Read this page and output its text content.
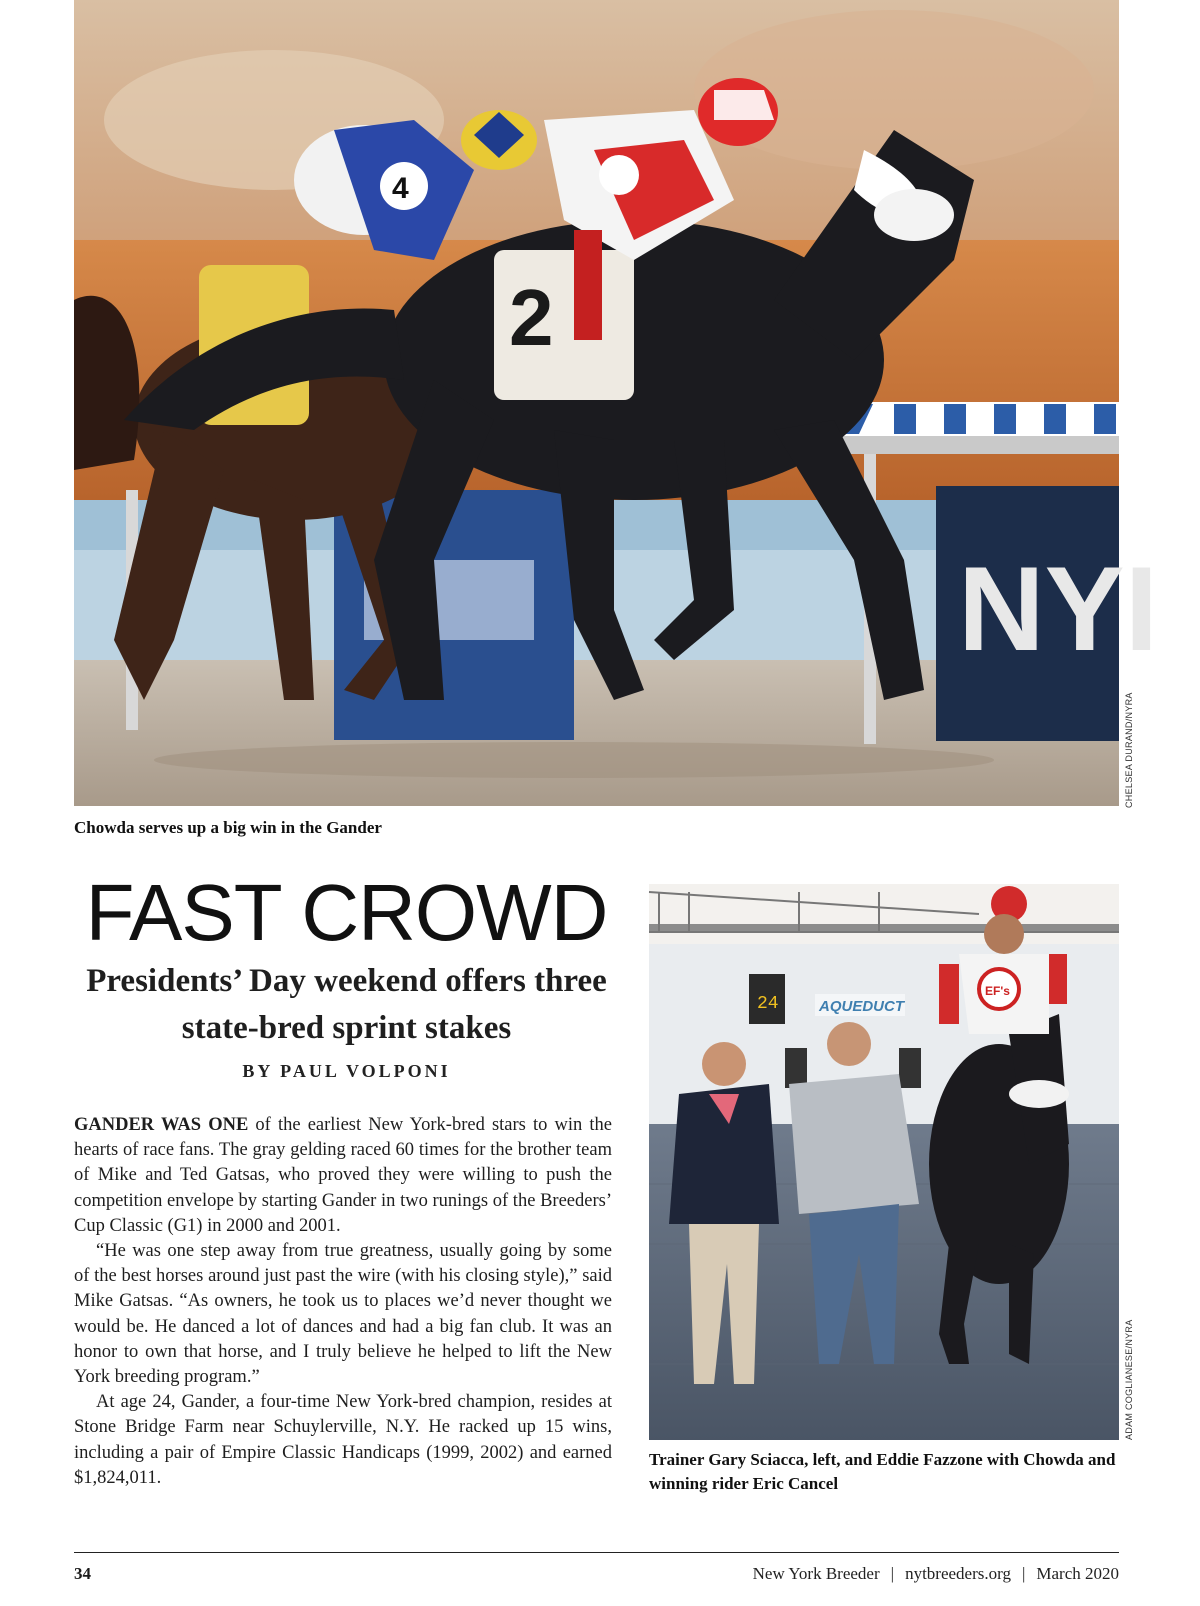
NYI
4
2
CHELSEA DURAND/NYRA
Chowda serves up a big win in the Gander
FAST CROWD
Presidents’ Day weekend offers three state-bred sprint stakes
BY PAUL VOLPONI

GANDER WAS ONE of the earliest New York-bred stars to win the hearts of race fans. The gray gelding raced 60 times for the brother team of Mike and Ted Gatsas, who proved they were willing to push the competition envelope by starting Gander in two runings of the Breeders’ Cup Classic (G1) in 2000 and 2001.

“He was one step away from true greatness, usually going by some of the best horses around just past the wire (with his closing style),” said Mike Gatsas. “As owners, he took us to places we’d never thought we would be. He danced a lot of dances and had a big fan club. It was an honor to own that horse, and I truly believe he helped to lift the New York breeding program.”

At age 24, Gander, a four-time New York-bred champion, resides at Stone Bridge Farm near Schuylerville, N.Y. He racked up 15 wins, including a pair of Empire Classic Handicaps (1999, 2002) and earned $1,824,011.

24	AQUEDUCT
EF's
ADAM COGLIANESE/NYRA
Trainer Gary Sciacca, left, and Eddie Fazzone with Chowda and winning rider Eric Cancel
34	New York Breeder | nytbreeders.org | March 2020
